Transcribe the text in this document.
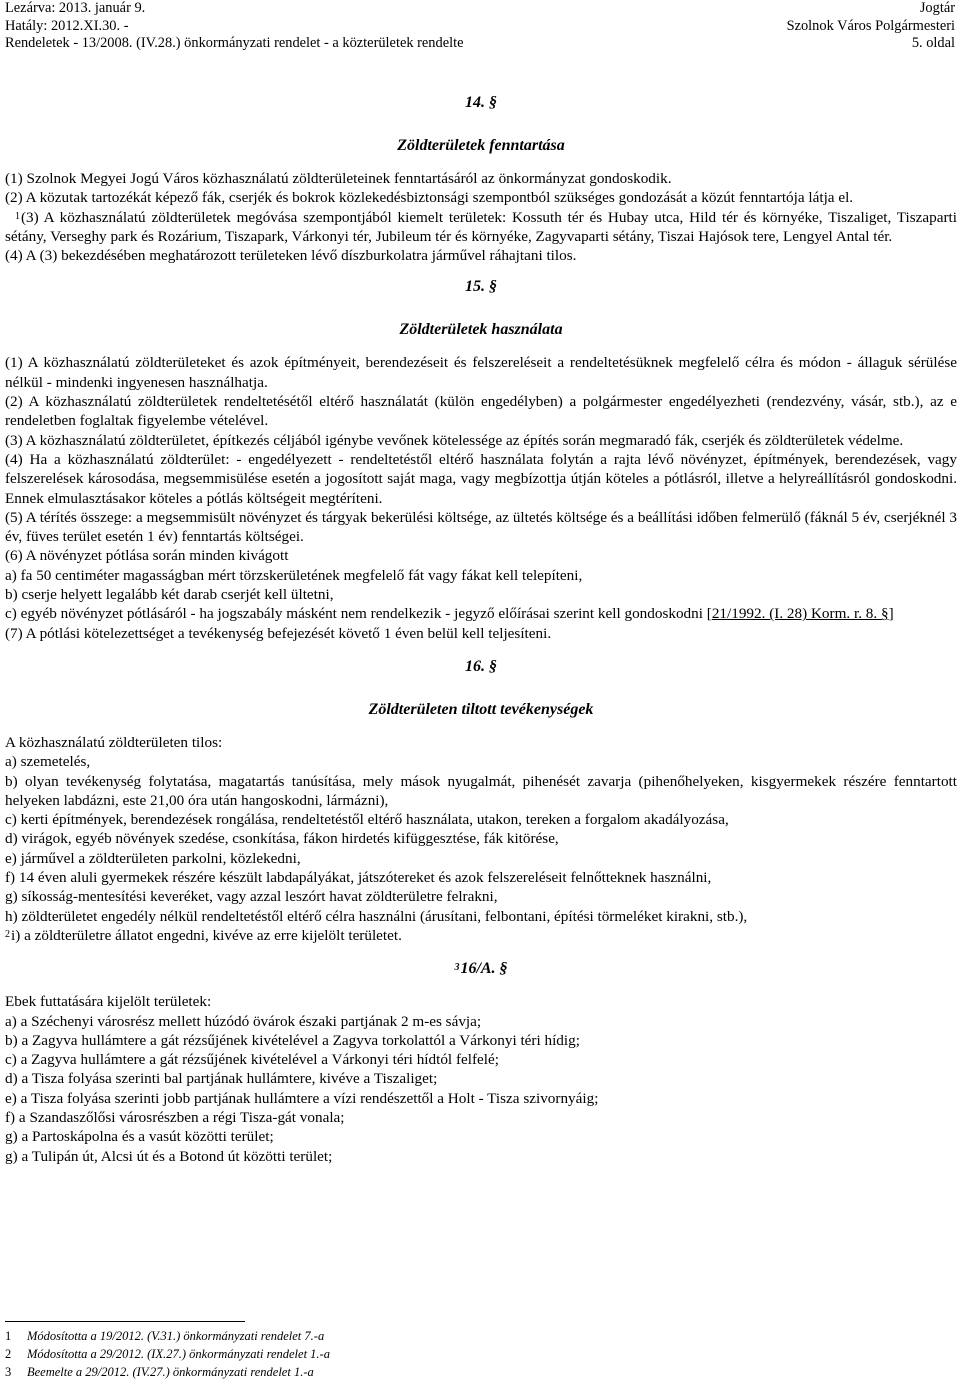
Lezárva: 2013. január 9.
Hatály: 2012.XI.30. -
Rendeletek - 13/2008. (IV.28.) önkormányzati rendelet - a közterületek rendelte
Jogtár
Szolnok Város Polgármesteri
5. oldal
14. §
Zöldterületek fenntartása

(1) Szolnok Megyei Jogú Város közhasználatú zöldterületeinek fenntartásáról az önkormányzat gondoskodik.

(2) A közutak tartozékát képező fák, cserjék és bokrok közlekedésbiztonsági szempontból szükséges gondozását a közút fenntartója látja el.

$^1$(3) A közhasználatú zöldterületek megóvása szempontjából kiemelt területek: Kossuth tér és Hubay utca, Hild tér és környéke, Tiszaliget, Tiszaparti sétány, Verseghy park és Rozárium, Tiszapark, Várkonyi tér, Jubileum tér és környéke, Zagyvaparti sétány, Tiszai Hajósok tere, Lengyel Antal tér.

(4) A (3) bekezdésében meghatározott területeken lévő díszburkolatra járművel ráhajtani tilos.

15. §
Zöldterületek használata

(1) A közhasználatú zöldterületeket és azok építményeit, berendezéseit és felszereléseit a rendeltetésüknek megfelelő célra és módon - állaguk sérülése nélkül - mindenki ingyenesen használhatja.

(2) A közhasználatú zöldterületek rendeltetésétől eltérő használatát (külön engedélyben) a polgármester engedélyezheti (rendezvény, vásár, stb.), az e rendeletben foglaltak figyelembe vételével.

(3) A közhasználatú zöldterületet, építkezés céljából igénybe vevőnek kötelessége az építés során megmaradó fák, cserjék és zöldterületek védelme.

(4) Ha a közhasználatú zöldterület: - engedélyezett - rendeltetéstől eltérő használata folytán a rajta lévő növényzet, építmények, berendezések, vagy felszerelések károsodása, megsemmisülése esetén a jogosított saját maga, vagy megbízottja útján köteles a pótlásról, illetve a helyreállításról gondoskodni. Ennek elmulasztásakor köteles a pótlás költségeit megtéríteni.

(5) A térítés összege: a megsemmisült növényzet és tárgyak bekerülési költsége, az ültetés költsége és a beállítási időben felmerülő (fáknál 5 év, cserjéknél 3 év, füves terület esetén 1 év) fenntartás költségei.

(6) A növényzet pótlása során minden kivágott

a) fa 50 centiméter magasságban mért törzskerületének megfelelő fát vagy fákat kell telepíteni,

b) cserje helyett legalább két darab cserjét kell ültetni,

c) egyéb növényzet pótlásáról - ha jogszabály másként nem rendelkezik - jegyző előírásai szerint kell gondoskodni [21/1992. (I. 28) Korm. r. 8. §]

(7) A pótlási kötelezettséget a tevékenység befejezését követő 1 éven belül kell teljesíteni.

16. §
Zöldterületen tiltott tevékenységek

A közhasználatú zöldterületen tilos:

a) szemetelés,

b) olyan tevékenység folytatása, magatartás tanúsítása, mely mások nyugalmát, pihenését zavarja (pihenőhelyeken, kisgyermekek részére fenntartott helyeken labdázni, este 21,00 óra után hangoskodni, lármázni),

c) kerti építmények, berendezések rongálása, rendeltetéstől eltérő használata, utakon, tereken a forgalom akadályozása,

d) virágok, egyéb növények szedése, csonkítása, fákon hirdetés kifüggesztése, fák kitörése,

e) járművel a zöldterületen parkolni, közlekedni,

f) 14 éven aluli gyermekek részére készült labdapályákat, játszótereket és azok felszereléseit felnőtteknek használni,

g) síkosság-mentesítési keveréket, vagy azzal leszórt havat zöldterületre felrakni,

h) zöldterületet engedély nélkül rendeltetéstől eltérő célra használni (árusítani, felbontani, építési törmeléket kirakni, stb.),

$^2$i) a zöldterületre állatot engedni, kivéve az erre kijelölt területet.

$^3$16/A. §

Ebek futtatására kijelölt területek:

a) a Széchenyi városrész mellett húzódó övárok északi partjának 2 m-es sávja;

b) a Zagyva hullámtere a gát rézsűjének kivételével a Zagyva torkolattól a Várkonyi téri hídig;

c) a Zagyva hullámtere a gát rézsűjének kivételével a Várkonyi téri hídtól felfelé;

d) a Tisza folyása szerinti bal partjának hullámtere, kivéve a Tiszaliget;

e) a Tisza folyása szerinti jobb partjának hullámtere a vízi rendészettől a Holt - Tisza szivornyáig;

f) a Szandaszőlősi városrészben a régi Tisza-gát vonala;

g) a Partoskápolna és a vasút közötti terület;

g) a Tulipán út, Alcsi út és a Botond út közötti terület;

1	Módosította a 19/2012. (V.31.) önkormányzati rendelet 7.-a
2	Módosította a 29/2012. (IX.27.) önkormányzati rendelet 1.-a
3	Beemelte a 29/2012. (IV.27.) önkormányzati rendelet 1.-a
